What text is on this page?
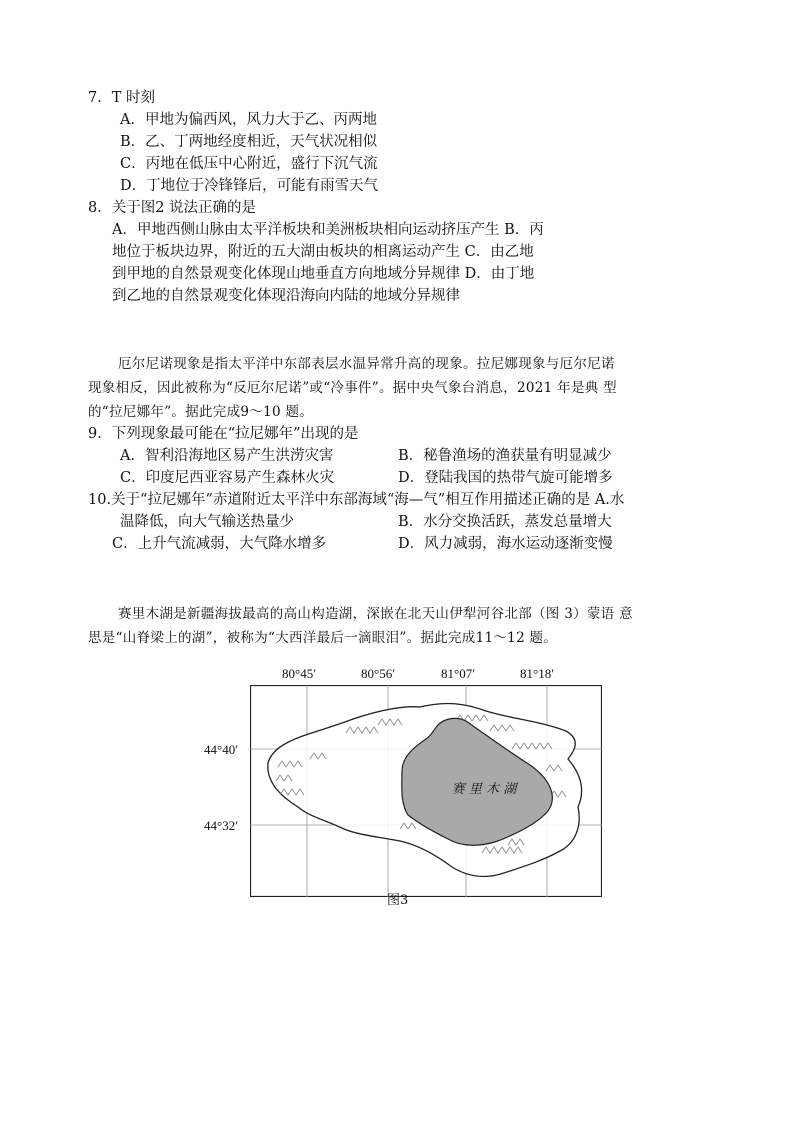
7．T 时刻
A．甲地为偏西风，风力大于乙、丙两地
B．乙、丁两地经度相近，天气状况相似
C．丙地在低压中心附近，盛行下沉气流
D．丁地位于冷锋锋后，可能有雨雪天气
8．关于图2 说法正确的是
A．甲地西侧山脉由太平洋板块和美洲板块相向运动挤压产生 B．丙
地位于板块边界，附近的五大湖由板块的相离运动产生 C．由乙地
到甲地的自然景观变化体现山地垂直方向地域分异规律 D．由丁地
到乙地的自然景观变化体现沿海向内陆的地域分异规律
厄尔尼诺现象是指太平洋中东部表层水温异常升高的现象。拉尼娜现象与厄尔尼诺
现象相反，因此被称为“反厄尔尼诺”或“冷事件”。据中央气象台消息，2021 年是典 型
的“拉尼娜年”。据此完成9～10 题。
9．下列现象最可能在“拉尼娜年”出现的是
A．智利沿海地区易产生洪涝灾害	B．秘鲁渔场的渔获量有明显减少
C．印度尼西亚容易产生森林火灾	D．登陆我国的热带气旋可能增多
10.关于“拉尼娜年”赤道附近太平洋中东部海域“海—气”相互作用描述正确的是 A.水
温降低，向大气输送热量少	B．水分交换活跃，蒸发总量增大
C．上升气流减弱，大气降水增多	D．风力减弱，海水运动逐渐变慢
赛里木湖是新疆海拔最高的高山构造湖，深嵌在北天山伊犁河谷北部（图 3）蒙语 意
思是“山脊梁上的湖”，被称为“大西洋最后一滴眼泪”。据此完成11～12 题。
80°45′	80°56′	81°07′	81°18′
44°40′
44°32′
赛 里 木 湖
图3
